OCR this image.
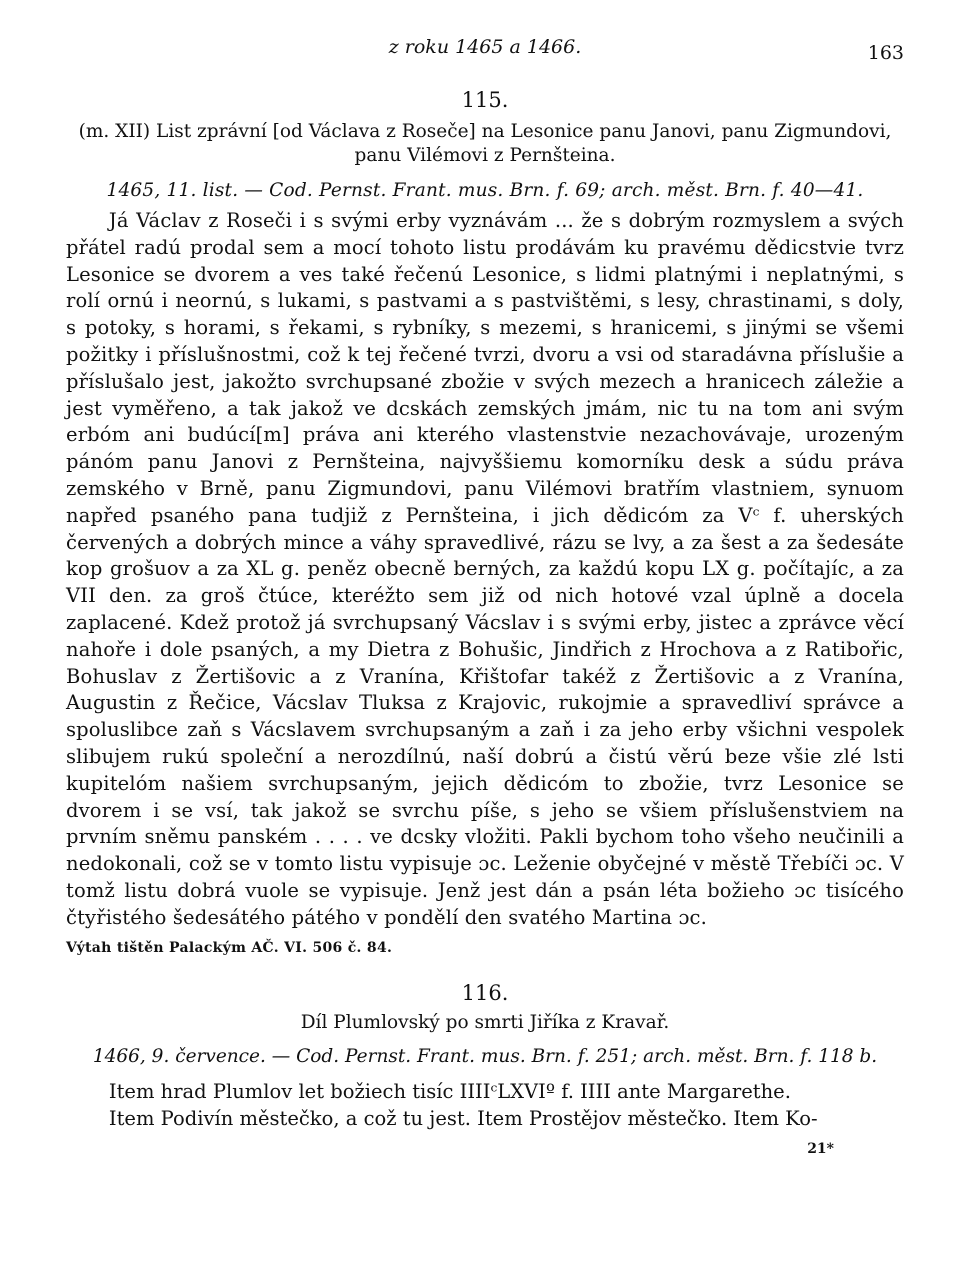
z roku 1465 a 1466.	163
115.
(m. XII) List zprávní [od Václava z Roseče] na Lesonice panu Janovi, panu Zigmundovi, panu Vilémovi z Pernšteina.
1465, 11. list. — Cod. Pernst. Frant. mus. Brn. f. 69; arch. měst. Brn. f. 40—41.
Já Václav z Roseči i s svými erby vyznávám ... že s dobrým rozmyslem a svých přátel radú prodal sem a mocí tohoto listu prodávám ku pravému dědicstvie tvrz Lesonice se dvorem a ves také řečenú Lesonice, s lidmi platnými i neplatnými, s rolí ornú i neornú, s lukami, s pastvami a s pastvištěmi, s lesy, chrastinami, s doly, s potoky, s horami, s řekami, s rybníky, s mezemi, s hranicemi, s jinými se všemi požitky i příslušnostmi, což k tej řečené tvrzi, dvoru a vsi od staradávna příslušie a příslušalo jest, jakožto svrchupsané zbožie v svých mezech a hranicech záležie a jest vyměřeno, a tak jakož ve dcskách zemských jmám, nic tu na tom ani svým erbóm ani budúcí[m] práva ani kterého vlastenstvie nezachovávaje, urozeným pánóm panu Janovi z Pernšteina, najvyššiemu komorníku desk a súdu práva zemského v Brně, panu Zigmundovi, panu Vilémovi bratřím vlastniem, synuom napřed psaného pana tudjiž z Pernšteina, i jich dědicóm za Vᶜ f. uherských červených a dobrých mince a váhy spravedlivé, rázu se lvy, a za šest a za šedesáte kop grošuov a za XL g. peněz obecně berných, za každú kopu LX g. počítajíc, a za VII den. za groš čtúce, kteréžto sem již od nich hotové vzal úplně a docela zaplacené. Kdež protož já svrchupsaný Vácslav i s svými erby, jistec a zprávce věcí nahoře i dole psaných, a my Dietra z Bohušic, Jindřich z Hrochova a z Ratibořic, Bohuslav z Žertišovic a z Vranína, Křištofar takéž z Žertišovic a z Vranína, Augustin z Řečice, Vácslav Tluksa z Krajovic, rukojmie a spravedliví správce a spoluslibce zaň s Vácslavem svrchupsaným a zaň i za jeho erby všichni vespolek slibujem rukú společní a nerozdílnú, naší dobrú a čistú věrú beze všie zlé lsti kupitelóm našiem svrchupsaným, jejich dědicóm to zbožie, tvrz Lesonice se dvorem i se vsí, tak jakož se svrchu píše, s jeho se všiem příslušenstviem na prvním sněmu panském . . . . ve dcsky vložiti. Pakli bychom toho všeho neučinili a nedokonali, což se v tomto listu vypisuje ɔc. Leženie obyčejné v městě Třebíči ɔc. V tomž listu dobrá vuole se vypisuje. Jenž jest dán a psán léta božieho ɔc tisícého čtyřistého šedesátého pátého v pondělí den svatého Martina ɔc.
Výtah tištěn Palackým AČ. VI. 506 č. 84.
116.
Díl Plumlovský po smrti Jiříka z Kravař.
1466, 9. července. — Cod. Pernst. Frant. mus. Brn. f. 251; arch. měst. Brn. f. 118 b.
Item hrad Plumlov let božiech tisíc IIIIᶜLXVIº f. IIII ante Margarethe.
Item Podivín městečko, a což tu jest. Item Prostějov městečko. Item Ko-
21*
